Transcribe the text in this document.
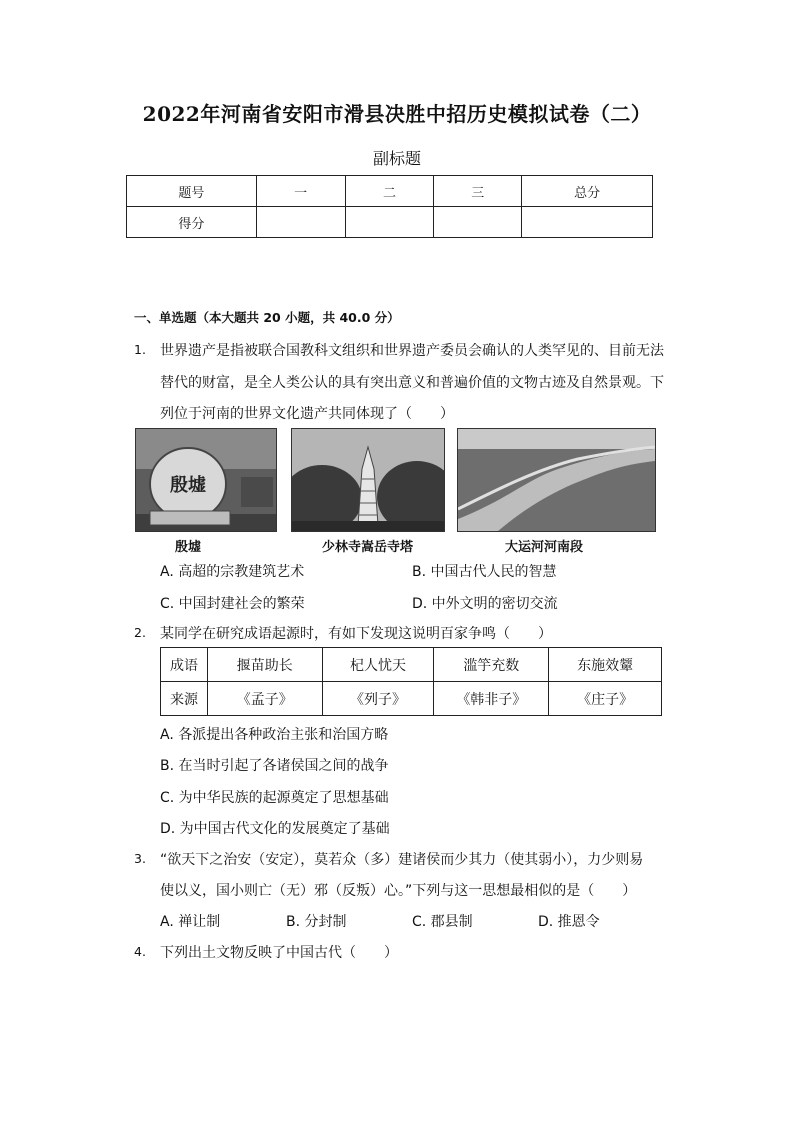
2022年河南省安阳市滑县决胜中招历史模拟试卷（二）
副标题
题号	一	二	三	总分
得分				
一、单选题（本大题共 20 小题，共 40.0 分）
1. 世界遗产是指被联合国教科文组织和世界遗产委员会确认的人类罕见的、目前无法
替代的财富，是全人类公认的具有突出意义和普遍价值的文物古迹及自然景观。下
列位于河南的世界文化遗产共同体现了（　　）
殷墟
殷墟	少林寺嵩岳寺塔	大运河河南段
A. 高超的宗教建筑艺术	B. 中国古代人民的智慧
C. 中国封建社会的繁荣	D. 中外文明的密切交流
2. 某同学在研究成语起源时，有如下发现这说明百家争鸣（　　）
成语	揠苗助长	杞人忧天	滥竽充数	东施效颦
来源	《孟子》	《列子》	《韩非子》	《庄子》
A. 各派提出各种政治主张和治国方略
B. 在当时引起了各诸侯国之间的战争
C. 为中华民族的起源奠定了思想基础
D. 为中国古代文化的发展奠定了基础
3. “欲天下之治安（安定），莫若众（多）建诸侯而少其力（使其弱小），力少则易
使以义，国小则亡（无）邪（反叛）心。”下列与这一思想最相似的是（　　）
A. 禅让制	B. 分封制	C. 郡县制	D. 推恩令
4. 下列出土文物反映了中国古代（　　）
